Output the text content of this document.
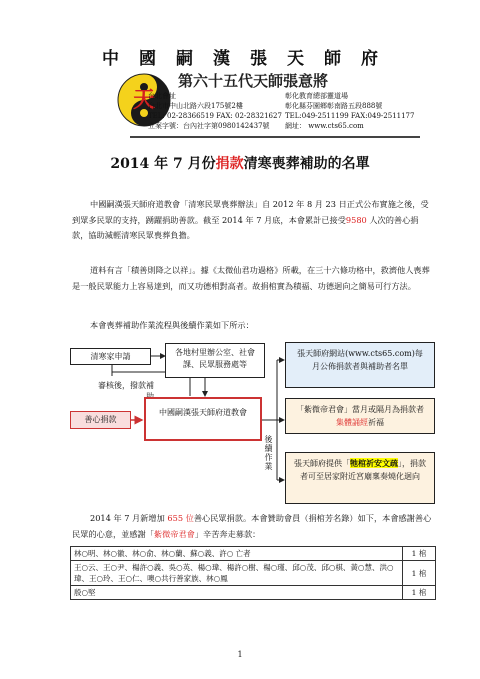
中國嗣漢張天師府
天
第六十五代天師張意將
台北會址
台北市中山北路六段175號2樓
TEL: 02-28366519 FAX: 02-28321627
立案字號：台內社字第0980142437號
彰化教育總部靈道場
彰化縣芬園鄉彰南路五段888號
TEL:049-2511199 FAX:049-2511177
網址： www.cts65.com
2014 年 7 月份捐款清寒喪葬補助的名單

中國嗣漢張天師府道教會「清寒民眾喪葬辦法」自 2012 年 8 月 23 日正式公布實施之後，受到眾多民眾的支持，踴躍捐助善款。截至 2014 年 7 月底，本會累計已接受9580 人次的善心捐款，協助減輕清寒民眾喪葬負擔。

道料有言「積善則降之以祥」。據《太微仙君功過格》所載，在三十六條功格中，救濟他人喪葬是一般民眾能力上容易達到，而又功德相對高者。故捐棺實為積福、功德迴向之簡易可行方法。

本會喪葬補助作業流程與後續作業如下所示：

清寒家申請	各地村里辦公室、社會課、民眾服務處等
審核後，撥款補
善心捐款
中國嗣漢張天師府道教會
後續作業
張天師府網站(www.cts65.com)每月公佈捐款者與補助者名單
「紫微帝君會」當月或隔月為捐款者集體誦經祈福
張天師府提供「牠棺祈安文疏」，捐款者可至居家附近宮廟稟奏燒化迴向

2014 年 7 月新增加 655 位善心民眾捐款。本會贊助會員（捐棺芳名錄）如下，本會感謝善心民眾的心意，並感謝「紫微帝君會」辛苦奔走募款：

林○明、林○徽、林○俞、林○蘭、蘇○義、許○ 亡者	1 棺
王○云、王○尹、楊許○義、吳○英、楊○瑋、楊許○樹、楊○瑾、邱○茂、邱○棋、黃○慧、洪○瑋、王○玲、王○仁、噢○共行善家族、林○鳳	1 棺
殷○堅	1 棺
1
